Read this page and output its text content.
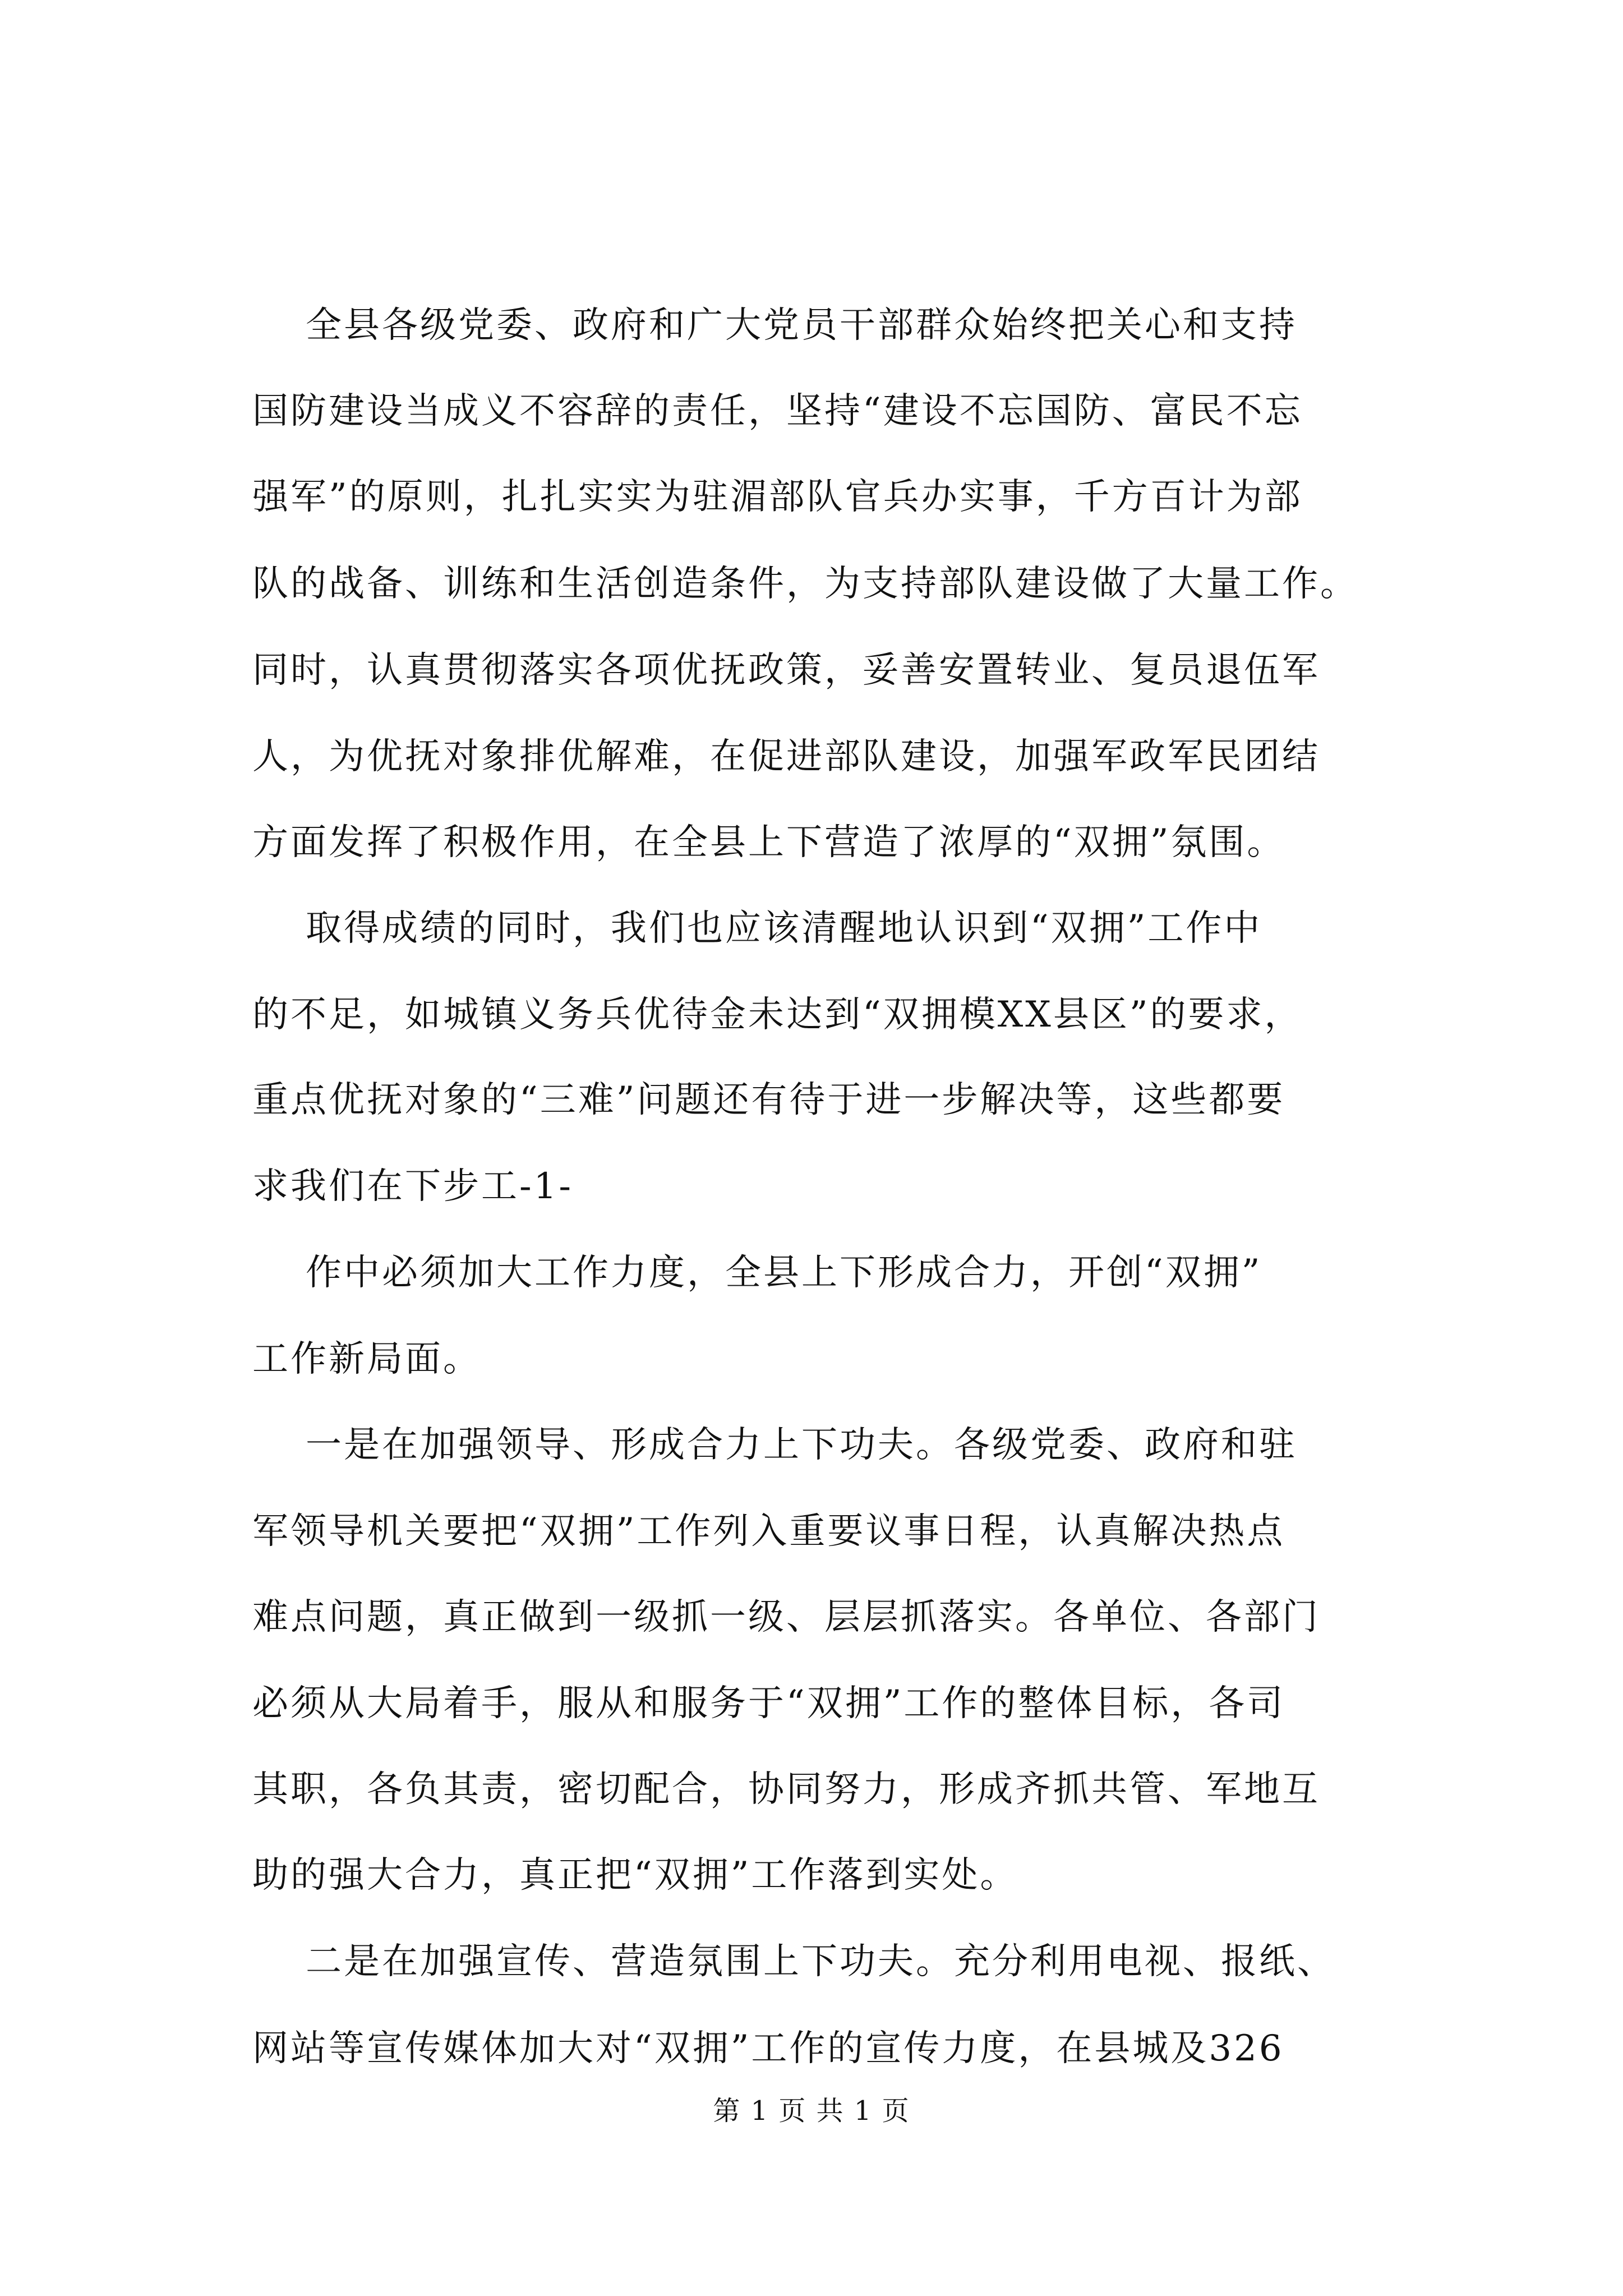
全县各级党委、政府和广大党员干部群众始终把关心和支持
国防建设当成义不容辞的责任，坚持“建设不忘国防、富民不忘
强军”的原则，扎扎实实为驻湄部队官兵办实事，千方百计为部
队的战备、训练和生活创造条件，为支持部队建设做了大量工作。
同时，认真贯彻落实各项优抚政策，妥善安置转业、复员退伍军
人，为优抚对象排优解难，在促进部队建设，加强军政军民团结
方面发挥了积极作用，在全县上下营造了浓厚的“双拥”氛围。
取得成绩的同时，我们也应该清醒地认识到“双拥”工作中
的不足，如城镇义务兵优待金未达到“双拥模XX县区”的要求，
重点优抚对象的“三难”问题还有待于进一步解决等，这些都要
求我们在下步工-1-
作中必须加大工作力度，全县上下形成合力，开创“双拥”
工作新局面。
一是在加强领导、形成合力上下功夫。各级党委、政府和驻
军领导机关要把“双拥”工作列入重要议事日程，认真解决热点
难点问题，真正做到一级抓一级、层层抓落实。各单位、各部门
必须从大局着手，服从和服务于“双拥”工作的整体目标，各司
其职，各负其责，密切配合，协同努力，形成齐抓共管、军地互
助的强大合力，真正把“双拥”工作落到实处。
二是在加强宣传、营造氛围上下功夫。充分利用电视、报纸、
网站等宣传媒体加大对“双拥”工作的宣传力度，在县城及326
第 1 页 共 1 页
